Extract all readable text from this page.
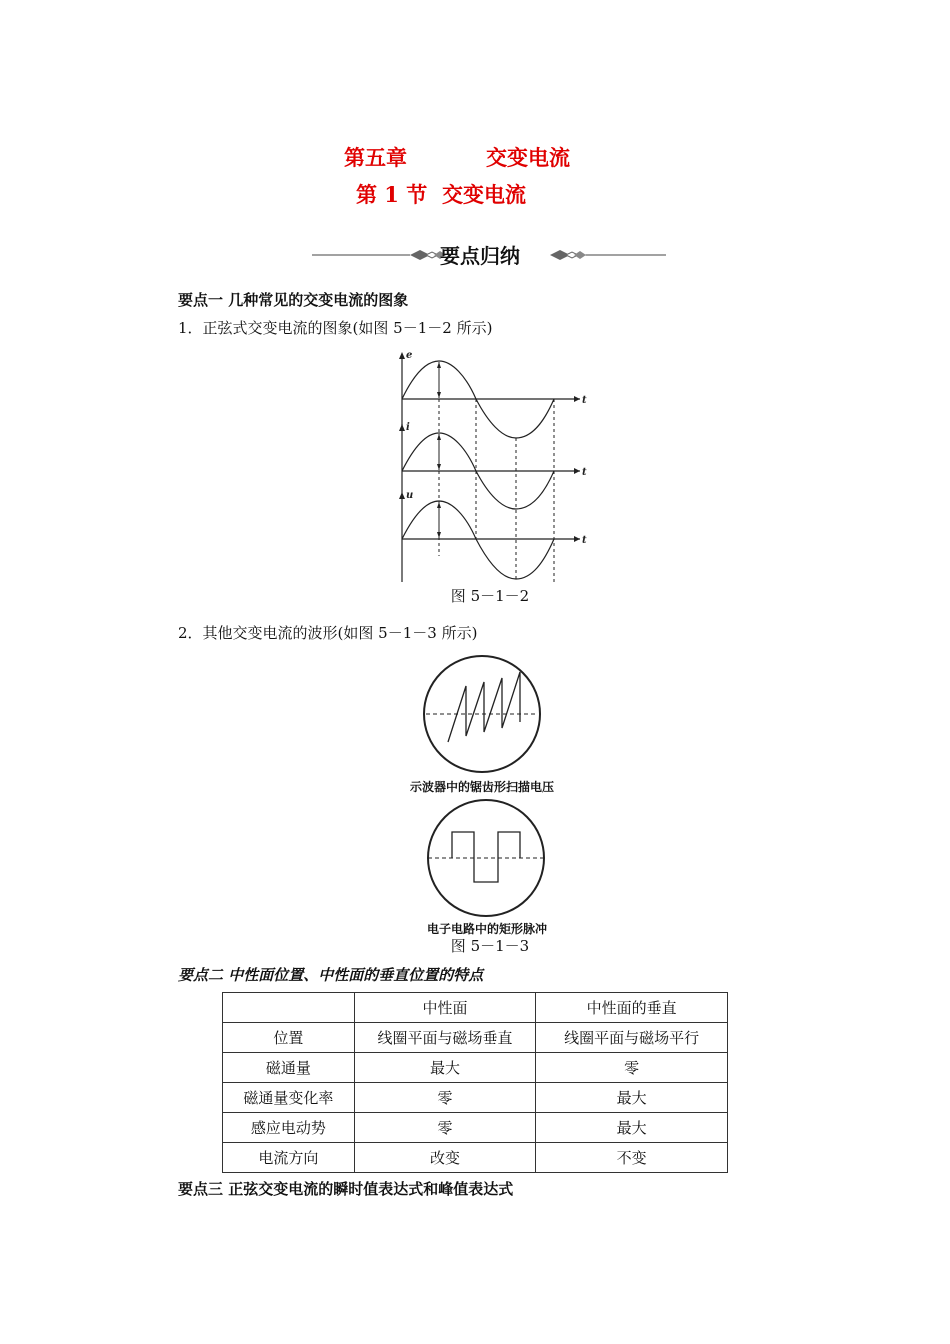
第五章	交变电流
第 1 节 交变电流
要点归纳
要点一 几种常见的交变电流的图象
1．正弦式交变电流的图象(如图 5－1－2 所示)
e
i
u
t
t
t
图 5－1－2
2．其他交变电流的波形(如图 5－1－3 所示)
示波器中的锯齿形扫描电压
电子电路中的矩形脉冲
图 5－1－3
要点二 中性面位置、中性面的垂直位置的特点
	中性面	中性面的垂直
位置	线圈平面与磁场垂直	线圈平面与磁场平行
磁通量	最大	零
磁通量变化率	零	最大
感应电动势	零	最大
电流方向	改变	不变
要点三 正弦交变电流的瞬时值表达式和峰值表达式
